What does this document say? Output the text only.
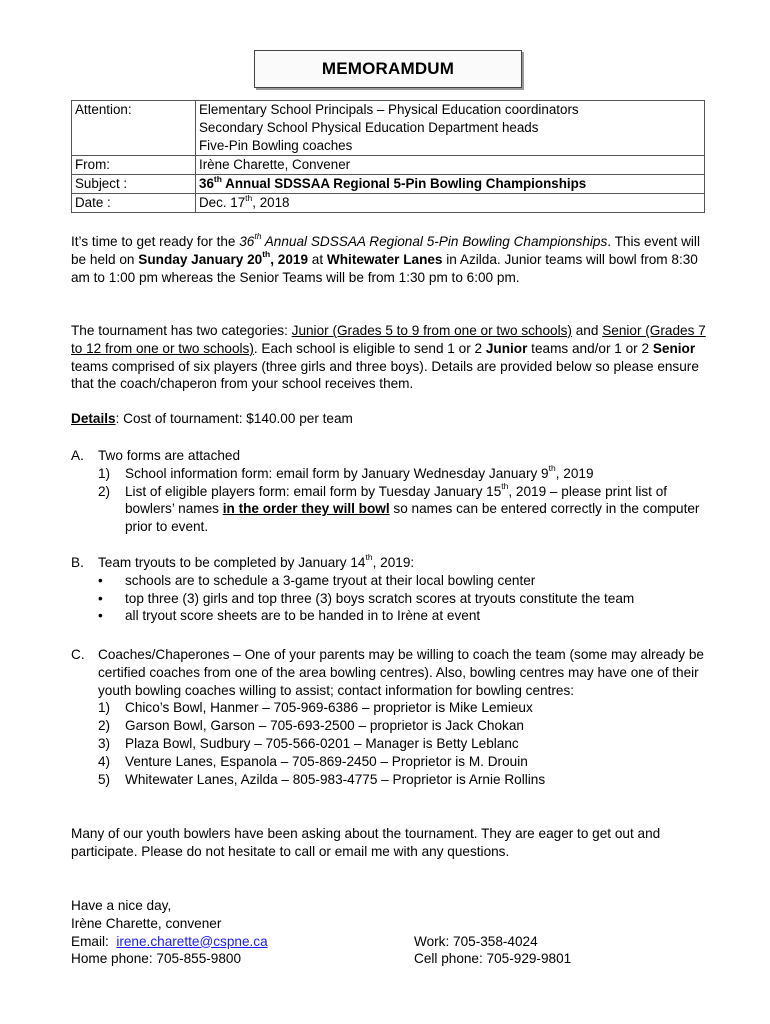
MEMORAMDUM
Attention:	Elementary School Principals – Physical Education coordinators
Secondary School Physical Education Department heads
Five-Pin Bowling coaches

From:	Irène Charette, Convener
Subject :	36th Annual SDSSAA Regional 5-Pin Bowling Championships
Date :	Dec. 17th, 2018

It’s time to get ready for the 36th Annual SDSSAA Regional 5-Pin Bowling Championships. This event will be held on Sunday January 20th, 2019 at Whitewater Lanes in Azilda. Junior teams will bowl from 8:30 am to 1:00 pm whereas the Senior Teams will be from 1:30 pm to 6:00 pm.

The tournament has two categories: Junior (Grades 5 to 9 from one or two schools) and Senior (Grades 7 to 12 from one or two schools). Each school is eligible to send 1 or 2 Junior teams and/or 1 or 2 Senior teams comprised of six players (three girls and three boys). Details are provided below so please ensure that the coach/chaperon from your school receives them.

Details: Cost of tournament: $140.00 per team
A.	Two forms are attached
1)	School information form: email form by January Wednesday January 9th, 2019
2)	List of eligible players form: email form by Tuesday January 15th, 2019 – please print list of bowlers’ names in the order they will bowl so names can be entered correctly in the computer prior to event.
B.	Team tryouts to be completed by January 14th, 2019:
•	schools are to schedule a 3-game tryout at their local bowling center
•	top three (3) girls and top three (3) boys scratch scores at tryouts constitute the team
•	all tryout score sheets are to be handed in to Irène at event
C. Coaches/Chaperones – One of your parents may be willing to coach the team (some may already be certified coaches from one of the area bowling centres). Also, bowling centres may have one of their youth bowling coaches willing to assist; contact information for bowling centres:
1)	Chico’s Bowl, Hanmer – 705-969-6386 – proprietor is Mike Lemieux
2)	Garson Bowl, Garson – 705-693-2500 – proprietor is Jack Chokan
3)	Plaza Bowl, Sudbury – 705-566-0201 – Manager is Betty Leblanc
4)	Venture Lanes, Espanola – 705-869-2450 – Proprietor is M. Drouin
5)	Whitewater Lanes, Azilda – 805-983-4775 – Proprietor is Arnie Rollins

Many of our youth bowlers have been asking about the tournament. They are eager to get out and participate. Please do not hesitate to call or email me with any questions.

Have a nice day,
Irène Charette, convener
Email:  irene.charette@cspne.ca	Work: 705-358-4024
Home phone: 705-855-9800	Cell phone: 705-929-9801
